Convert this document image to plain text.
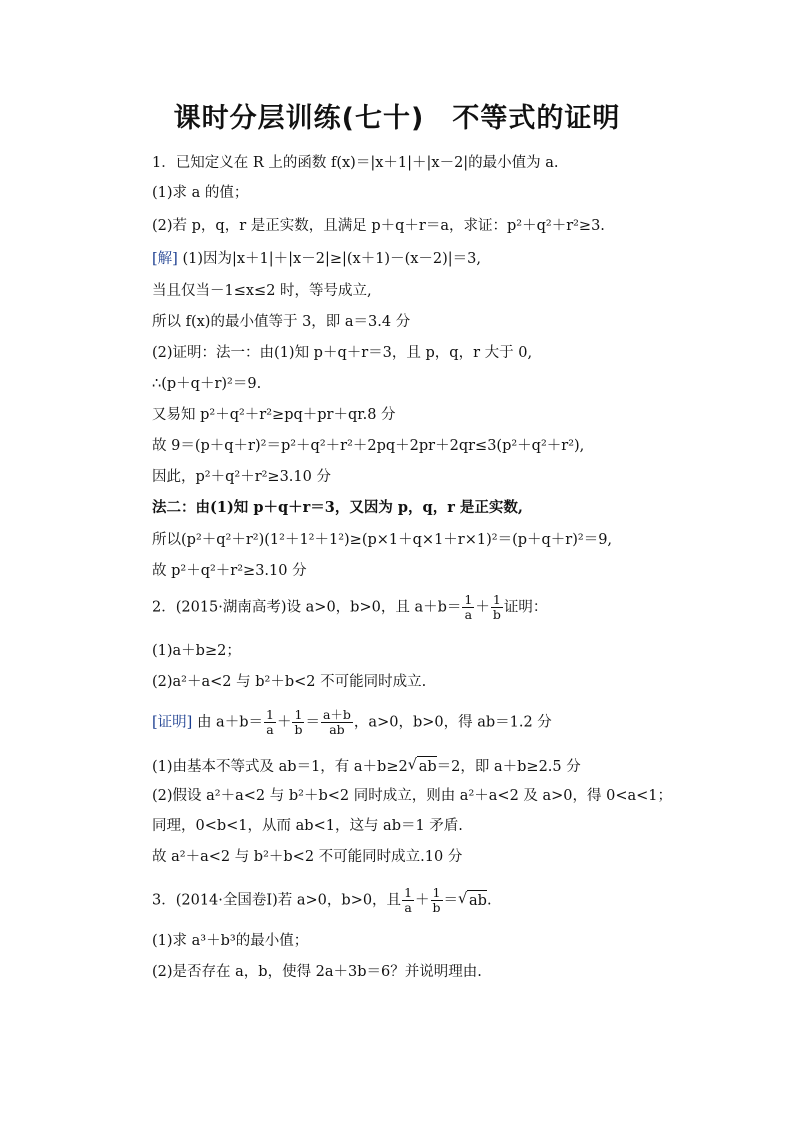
课时分层训练(七十)　不等式的证明
1．已知定义在 R 上的函数 f(x)＝|x＋1|＋|x－2|的最小值为 a.
(1)求 a 的值；
(2)若 p，q，r 是正实数，且满足 p＋q＋r＝a，求证：p²＋q²＋r²≥3.
[解] (1)因为|x＋1|＋|x－2|≥|(x＋1)－(x－2)|＝3,
当且仅当－1≤x≤2 时，等号成立,
所以 f(x)的最小值等于 3，即 a＝3.4 分
(2)证明：法一：由(1)知 p＋q＋r＝3，且 p，q，r 大于 0,
∴(p＋q＋r)²＝9.
又易知 p²＋q²＋r²≥pq＋pr＋qr.8 分
故 9＝(p＋q＋r)²＝p²＋q²＋r²＋2pq＋2pr＋2qr≤3(p²＋q²＋r²),
因此，p²＋q²＋r²≥3.10 分
法二：由(1)知 p＋q＋r＝3，又因为 p，q，r 是正实数,
所以(p²＋q²＋r²)(1²＋1²＋1²)≥(p×1＋q×1＋r×1)²＝(p＋q＋r)²＝9,
故 p²＋q²＋r²≥3.10 分
2．(2015·湖南高考)设 a>0，b>0，且 $a+b= \frac{1}{a} + \frac{1}{b}$ 证明：
(1)a＋b≥2；
(2)a²＋a<2 与 b²＋b<2 不可能同时成立.
[证明] 由 $a+b= \frac{1}{a} + \frac{1}{b} = \frac{a+b}{ab}$ ，a>0，b>0，得 ab＝1.2 分
(1)由基本不等式及 ab＝1，有 a＋b≥2 √ ab＝2，即 a＋b≥2.5 分
(2)假设 a²＋a<2 与 b²＋b<2 同时成立，则由 a²＋a<2 及 a>0，得 0<a<1；
同理，0<b<1，从而 ab<1，这与 ab＝1 矛盾.
故 a²＋a<2 与 b²＋b<2 不可能同时成立.10 分
3．(2014·全国卷Ⅰ)若 a>0，b>0，且 $\frac{1}{a} + \frac{1}{b}$ ＝ √ ab.
(1)求 a³＋b³的最小值；
(2)是否存在 a，b，使得 2a＋3b＝6？并说明理由.
